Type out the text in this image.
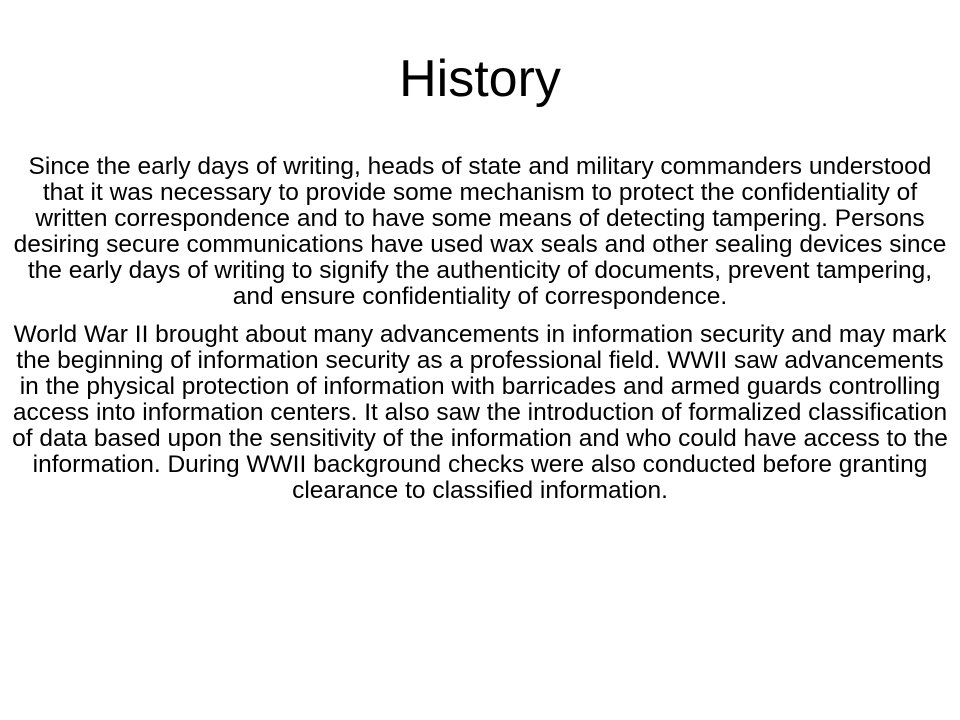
History

Since the early days of writing, heads of state and military commanders understood that it was necessary to provide some mechanism to protect the confidentiality of written correspondence and to have some means of detecting tampering. Persons desiring secure communications have used wax seals and other sealing devices since the early days of writing to signify the authenticity of documents, prevent tampering, and ensure confidentiality of correspondence.

World War II brought about many advancements in information security and may mark the beginning of information security as a professional field. WWII saw advancements in the physical protection of information with barricades and armed guards controlling access into information centers. It also saw the introduction of formalized classification of data based upon the sensitivity of the information and who could have access to the information. During WWII background checks were also conducted before granting clearance to classified information.
